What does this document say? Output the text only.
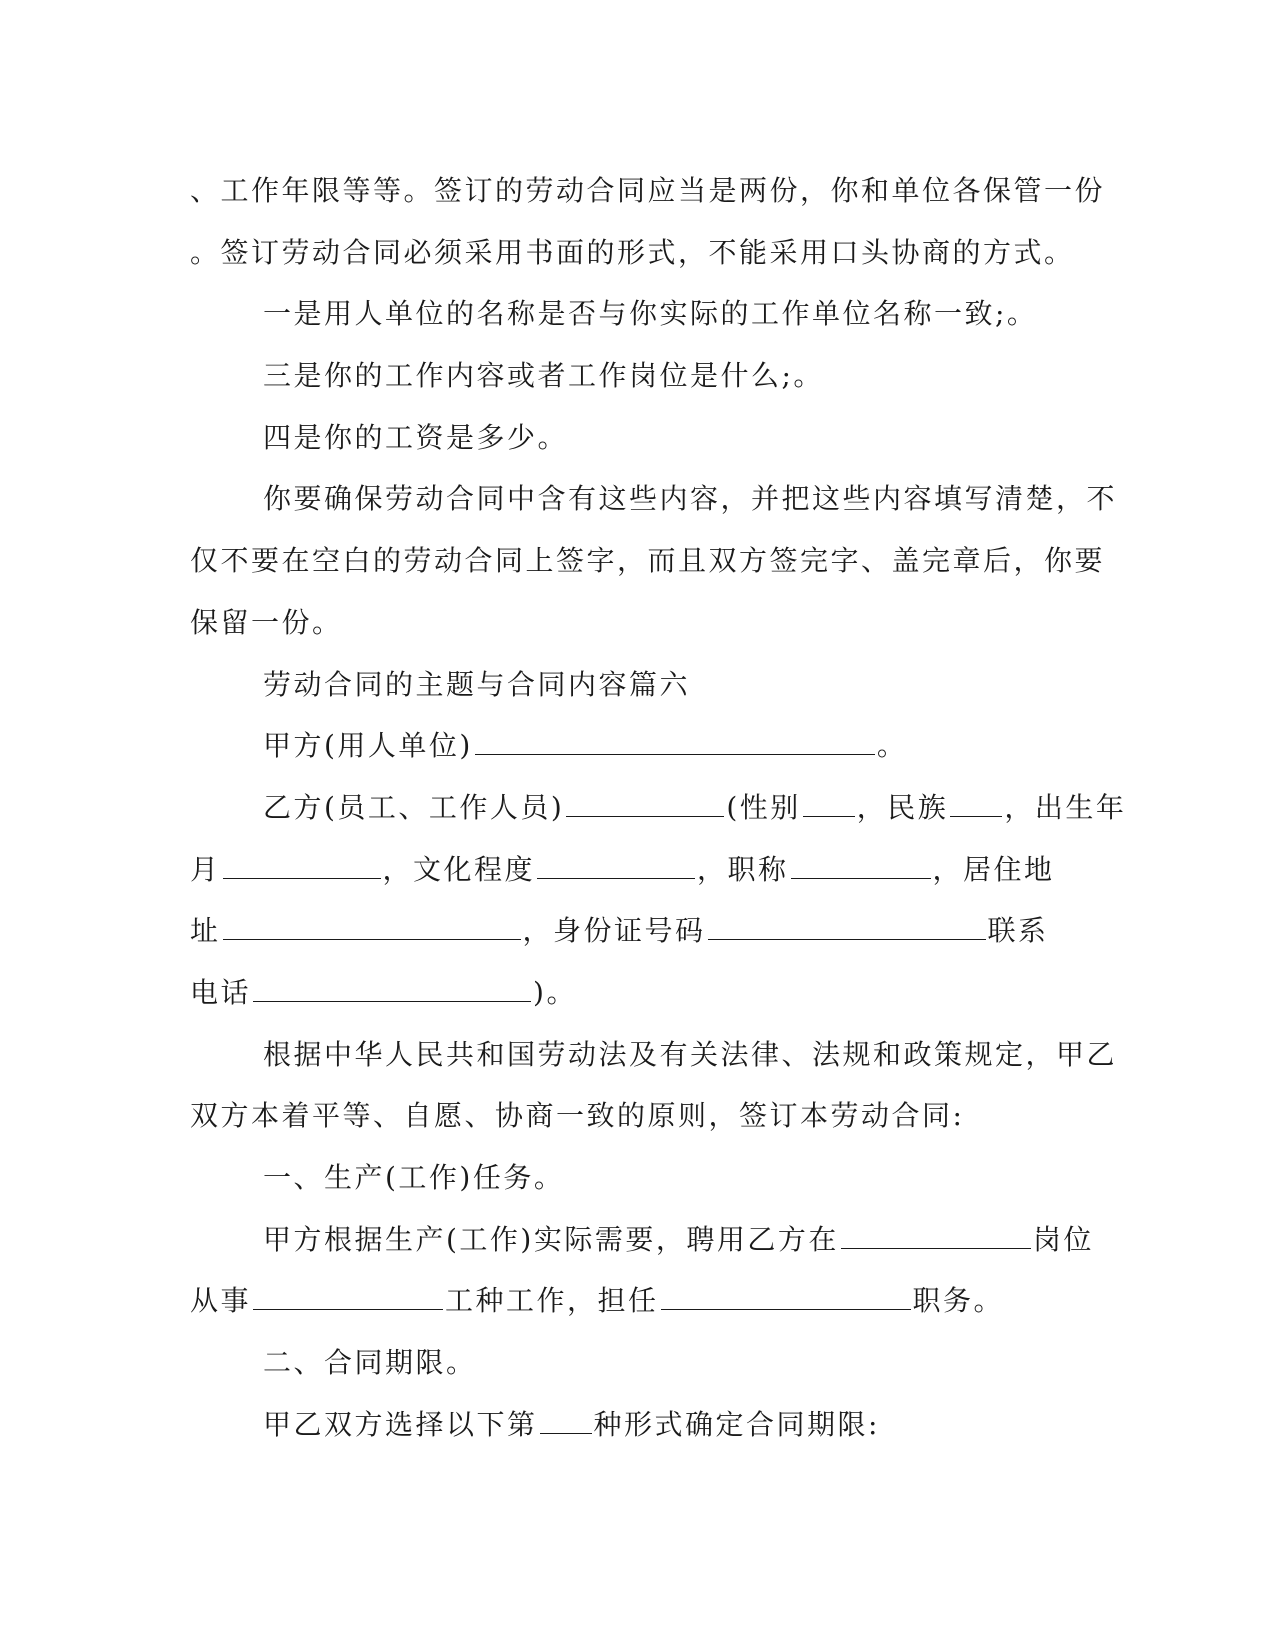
、工作年限等等。签订的劳动合同应当是两份，你和单位各保管一份
。签订劳动合同必须采用书面的形式，不能采用口头协商的方式。
一是用人单位的名称是否与你实际的工作单位名称一致;。
三是你的工作内容或者工作岗位是什么;。
四是你的工资是多少。
你要确保劳动合同中含有这些内容，并把这些内容填写清楚，不
仅不要在空白的劳动合同上签字，而且双方签完字、盖完章后，你要
保留一份。
劳动合同的主题与合同内容篇六
甲方(用人单位)	。
乙方(员工、工作人员)	(性别 ，民族 ，出生年
月	，文化程度	，职称	，居住地
址	，身份证号码	联系
电话	)。
根据中华人民共和国劳动法及有关法律、法规和政策规定，甲乙
双方本着平等、自愿、协商一致的原则，签订本劳动合同:
一、生产(工作)任务。
甲方根据生产(工作)实际需要，聘用乙方在	岗位
从事	工种工作，担任	职务。
二、合同期限。
甲乙双方选择以下第 种形式确定合同期限:
